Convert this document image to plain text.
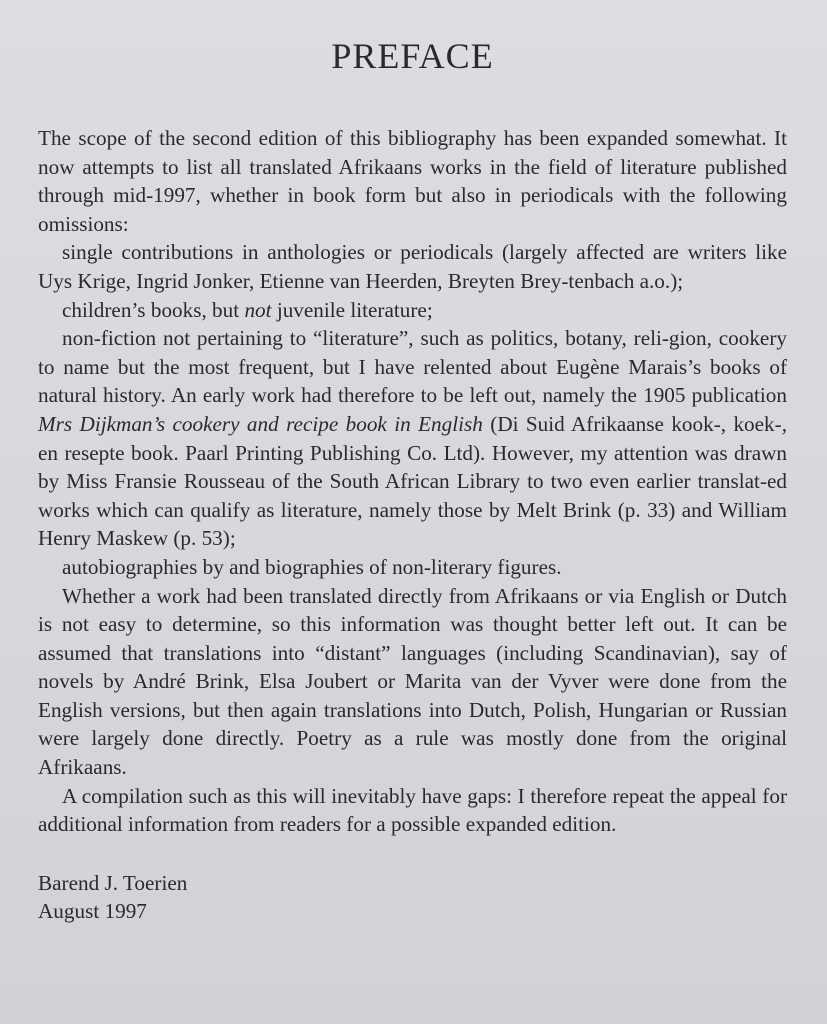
PREFACE

The scope of the second edition of this bibliography has been expanded somewhat. It now attempts to list all translated Afrikaans works in the field of literature published through mid-1997, whether in book form but also in periodicals with the following omissions:

single contributions in anthologies or periodicals (largely affected are writers like Uys Krige, Ingrid Jonker, Etienne van Heerden, Breyten Brey-tenbach a.o.);

children’s books, but not juvenile literature;

non-fiction not pertaining to “literature”, such as politics, botany, reli-gion, cookery to name but the most frequent, but I have relented about Eugène Marais’s books of natural history. An early work had therefore to be left out, namely the 1905 publication Mrs Dijkman’s cookery and recipe book in English (Di Suid Afrikaanse kook-, koek-, en resepte book. Paarl Printing Publishing Co. Ltd). However, my attention was drawn by Miss Fransie Rousseau of the South African Library to two even earlier translat-ed works which can qualify as literature, namely those by Melt Brink (p. 33) and William Henry Maskew (p. 53);

autobiographies by and biographies of non-literary figures.

Whether a work had been translated directly from Afrikaans or via English or Dutch is not easy to determine, so this information was thought better left out. It can be assumed that translations into “distant” languages (including Scandinavian), say of novels by André Brink, Elsa Joubert or Marita van der Vyver were done from the English versions, but then again translations into Dutch, Polish, Hungarian or Russian were largely done directly. Poetry as a rule was mostly done from the original Afrikaans.

A compilation such as this will inevitably have gaps: I therefore repeat the appeal for additional information from readers for a possible expanded edition.

Barend J. Toerien
August 1997
